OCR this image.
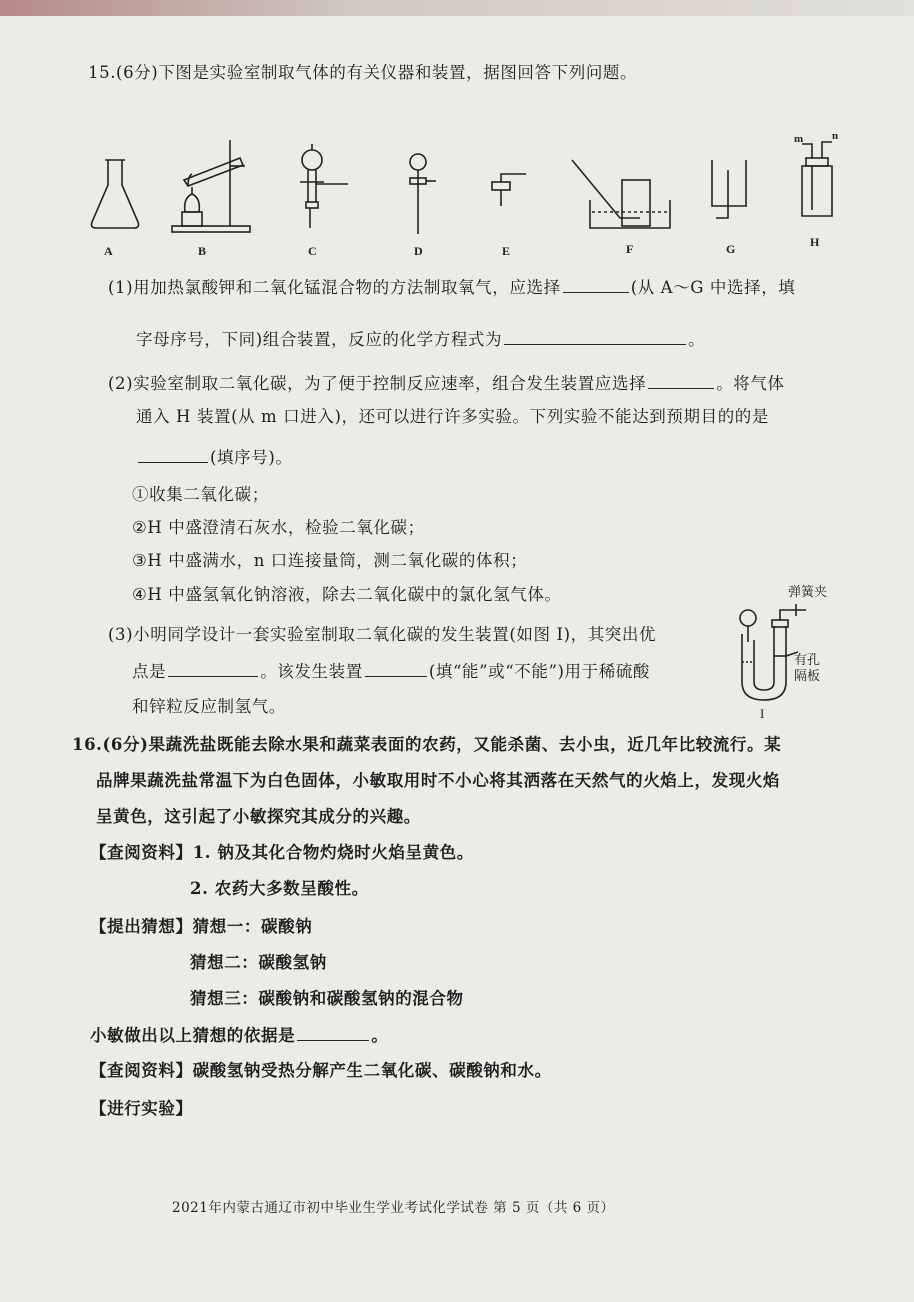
15.(6分)下图是实验室制取气体的有关仪器和装置，据图回答下列问题。
A	B	C	D	E	F	G	H
m	n
(1)用加热氯酸钾和二氧化锰混合物的方法制取氧气，应选择	(从 A～G 中选择，填
字母序号，下同)组合装置，反应的化学方程式为	。
(2)实验室制取二氧化碳，为了便于控制反应速率，组合发生装置应选择	。将气体
通入 H 装置(从 m 口进入)，还可以进行许多实验。下列实验不能达到预期目的的是
(填序号)。
①收集二氧化碳；
②H 中盛澄清石灰水，检验二氧化碳；
③H 中盛满水，n 口连接量筒，测二氧化碳的体积；
④H 中盛氢氧化钠溶液，除去二氧化碳中的氯化氢气体。
(3)小明同学设计一套实验室制取二氧化碳的发生装置(如图 I)，其突出优
点是	。该发生装置	(填“能”或“不能”)用于稀硫酸
和锌粒反应制氢气。
弹簧夹
有孔
隔板
I
16.(6分)果蔬洗盐既能去除水果和蔬菜表面的农药，又能杀菌、去小虫，近几年比较流行。某
品牌果蔬洗盐常温下为白色固体，小敏取用时不小心将其洒落在天然气的火焰上，发现火焰
呈黄色，这引起了小敏探究其成分的兴趣。
【查阅资料】1. 钠及其化合物灼烧时火焰呈黄色。
2. 农药大多数呈酸性。
【提出猜想】猜想一：碳酸钠
猜想二：碳酸氢钠
猜想三：碳酸钠和碳酸氢钠的混合物
小敏做出以上猜想的依据是	。
【查阅资料】碳酸氢钠受热分解产生二氧化碳、碳酸钠和水。
【进行实验】
2021年内蒙古通辽市初中毕业生学业考试化学试卷 第 5 页（共 6 页）
